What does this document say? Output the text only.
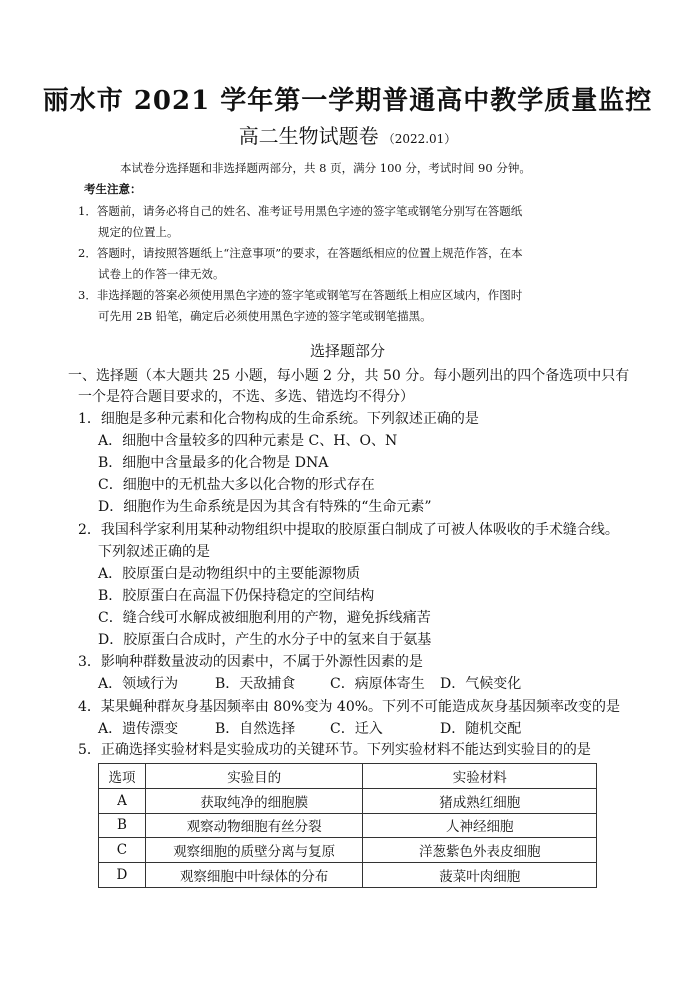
丽水市 2021 学年第一学期普通高中教学质量监控
高二生物试题卷 （2022.01）
本试卷分选择题和非选择题两部分，共 8 页，满分 100 分，考试时间 90 分钟。
考生注意：
1．答题前，请务必将自己的姓名、准考证号用黑色字迹的签字笔或钢笔分别写在答题纸
规定的位置上。
2．答题时，请按照答题纸上“注意事项”的要求，在答题纸相应的位置上规范作答，在本
试卷上的作答一律无效。
3．非选择题的答案必须使用黑色字迹的签字笔或钢笔写在答题纸上相应区域内，作图时
可先用 2B 铅笔，确定后必须使用黑色字迹的签字笔或钢笔描黑。
选择题部分
一、选择题（本大题共 25 小题，每小题 2 分，共 50 分。每小题列出的四个备选项中只有
一个是符合题目要求的，不选、多选、错选均不得分）
1．细胞是多种元素和化合物构成的生命系统。下列叙述正确的是
A．细胞中含量较多的四种元素是 C、H、O、N
B．细胞中含量最多的化合物是 DNA
C．细胞中的无机盐大多以化合物的形式存在
D．细胞作为生命系统是因为其含有特殊的“生命元素”
2．我国科学家利用某种动物组织中提取的胶原蛋白制成了可被人体吸收的手术缝合线。
下列叙述正确的是
A．胶原蛋白是动物组织中的主要能源物质
B．胶原蛋白在高温下仍保持稳定的空间结构
C．缝合线可水解成被细胞利用的产物，避免拆线痛苦
D．胶原蛋白合成时，产生的水分子中的氢来自于氨基
3．影响种群数量波动的因素中，不属于外源性因素的是
A．领域行为	B．天敌捕食 C．病原体寄生 D．气候变化
4．某果蝇种群灰身基因频率由 80%变为 40%。下列不可能造成灰身基因频率改变的是
A．遗传漂变	B．自然选择 C．迁入	D．随机交配
5．正确选择实验材料是实验成功的关键环节。下列实验材料不能达到实验目的的是
选项	实验目的	实验材料
A	获取纯净的细胞膜	猪成熟红细胞
B	观察动物细胞有丝分裂	人神经细胞
C	观察细胞的质壁分离与复原	洋葱紫色外表皮细胞
D	观察细胞中叶绿体的分布	菠菜叶肉细胞
